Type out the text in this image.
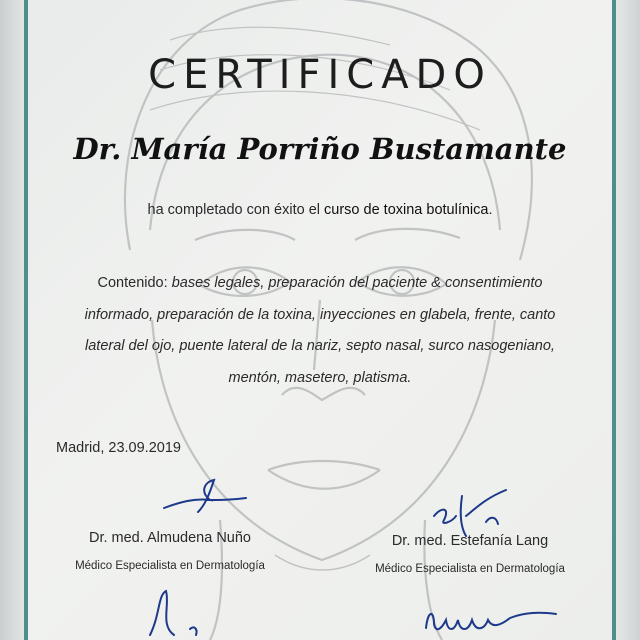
CERTIFICADO
Dr. María Porriño Bustamante
ha completado con éxito el curso de toxina botulínica.
Contenido: bases legales, preparación del paciente & consentimiento
informado, preparación de la toxina, inyecciones en glabela, frente, canto
lateral del ojo, puente lateral de la nariz, septo nasal, surco nasogeniano,
mentón, masetero, platisma.
Madrid, 23.09.2019
Dr. med. Almudena Nuño
Médico Especialista en Dermatología
Dr. med. Estefanía Lang
Médico Especialista en Dermatología
